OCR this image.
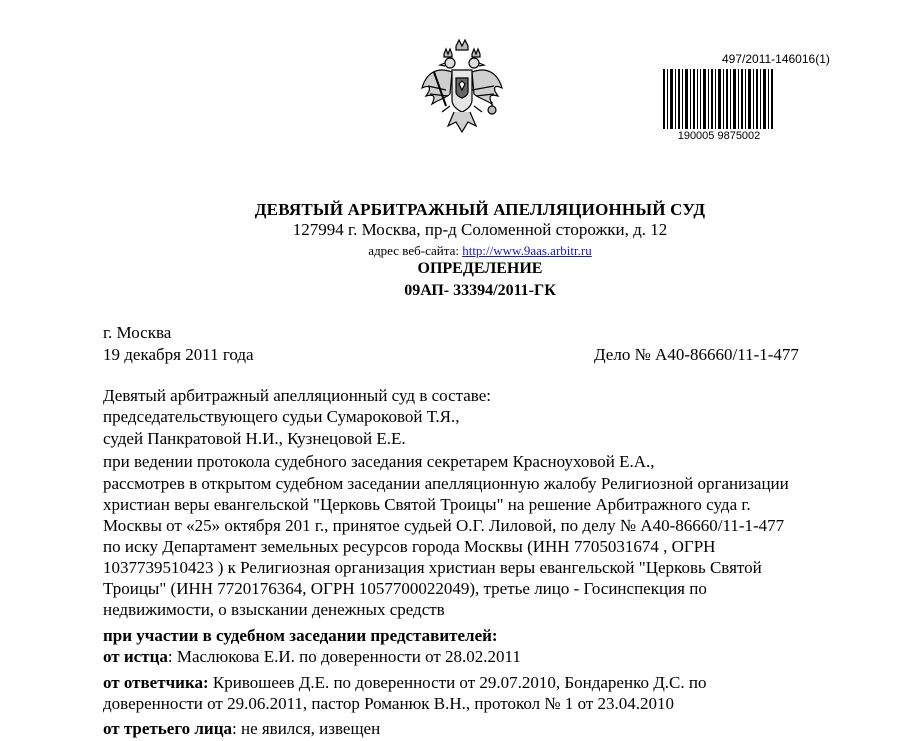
497/2011-146016(1)
190005 9875002
ДЕВЯТЫЙ АРБИТРАЖНЫЙ АПЕЛЛЯЦИОННЫЙ СУД
127994 г. Москва, пр-д Соломенной сторожки, д. 12
адрес веб-сайта: http://www.9aas.arbitr.ru
ОПРЕДЕЛЕНИЕ
09АП- 33394/2011-ГК
г. Москва
19 декабря 2011 года	Дело № А40-86660/11-1-477
Девятый арбитражный апелляционный суд в составе:
председательствующего судьи Сумароковой Т.Я.,
судей Панкратовой Н.И., Кузнецовой Е.Е.
при ведении протокола судебного заседания секретарем Красноуховой Е.А.,
рассмотрев в открытом судебном заседании апелляционную жалобу Религиозной организации
христиан веры евангельской "Церковь Святой Троицы" на решение Арбитражного суда г.
Москвы от «25» октября 201 г., принятое судьей О.Г. Лиловой, по делу № А40-86660/11-1-477
по иску Департамент земельных ресурсов города Москвы (ИНН 7705031674 , ОГРН
1037739510423 ) к Религиозная организация христиан веры евангельской "Церковь Святой
Троицы" (ИНН 7720176364, ОГРН 1057700022049), третье лицо - Госинспекция по
недвижимости, о взыскании денежных средств
при участии в судебном заседании представителей:
от истца: Маслюкова Е.И. по доверенности от 28.02.2011
от ответчика: Кривошеев Д.Е. по доверенности от 29.07.2010, Бондаренко Д.С. по
доверенности от 29.06.2011, пастор Романюк В.Н., протокол № 1 от 23.04.2010
от третьего лица: не явился, извещен
